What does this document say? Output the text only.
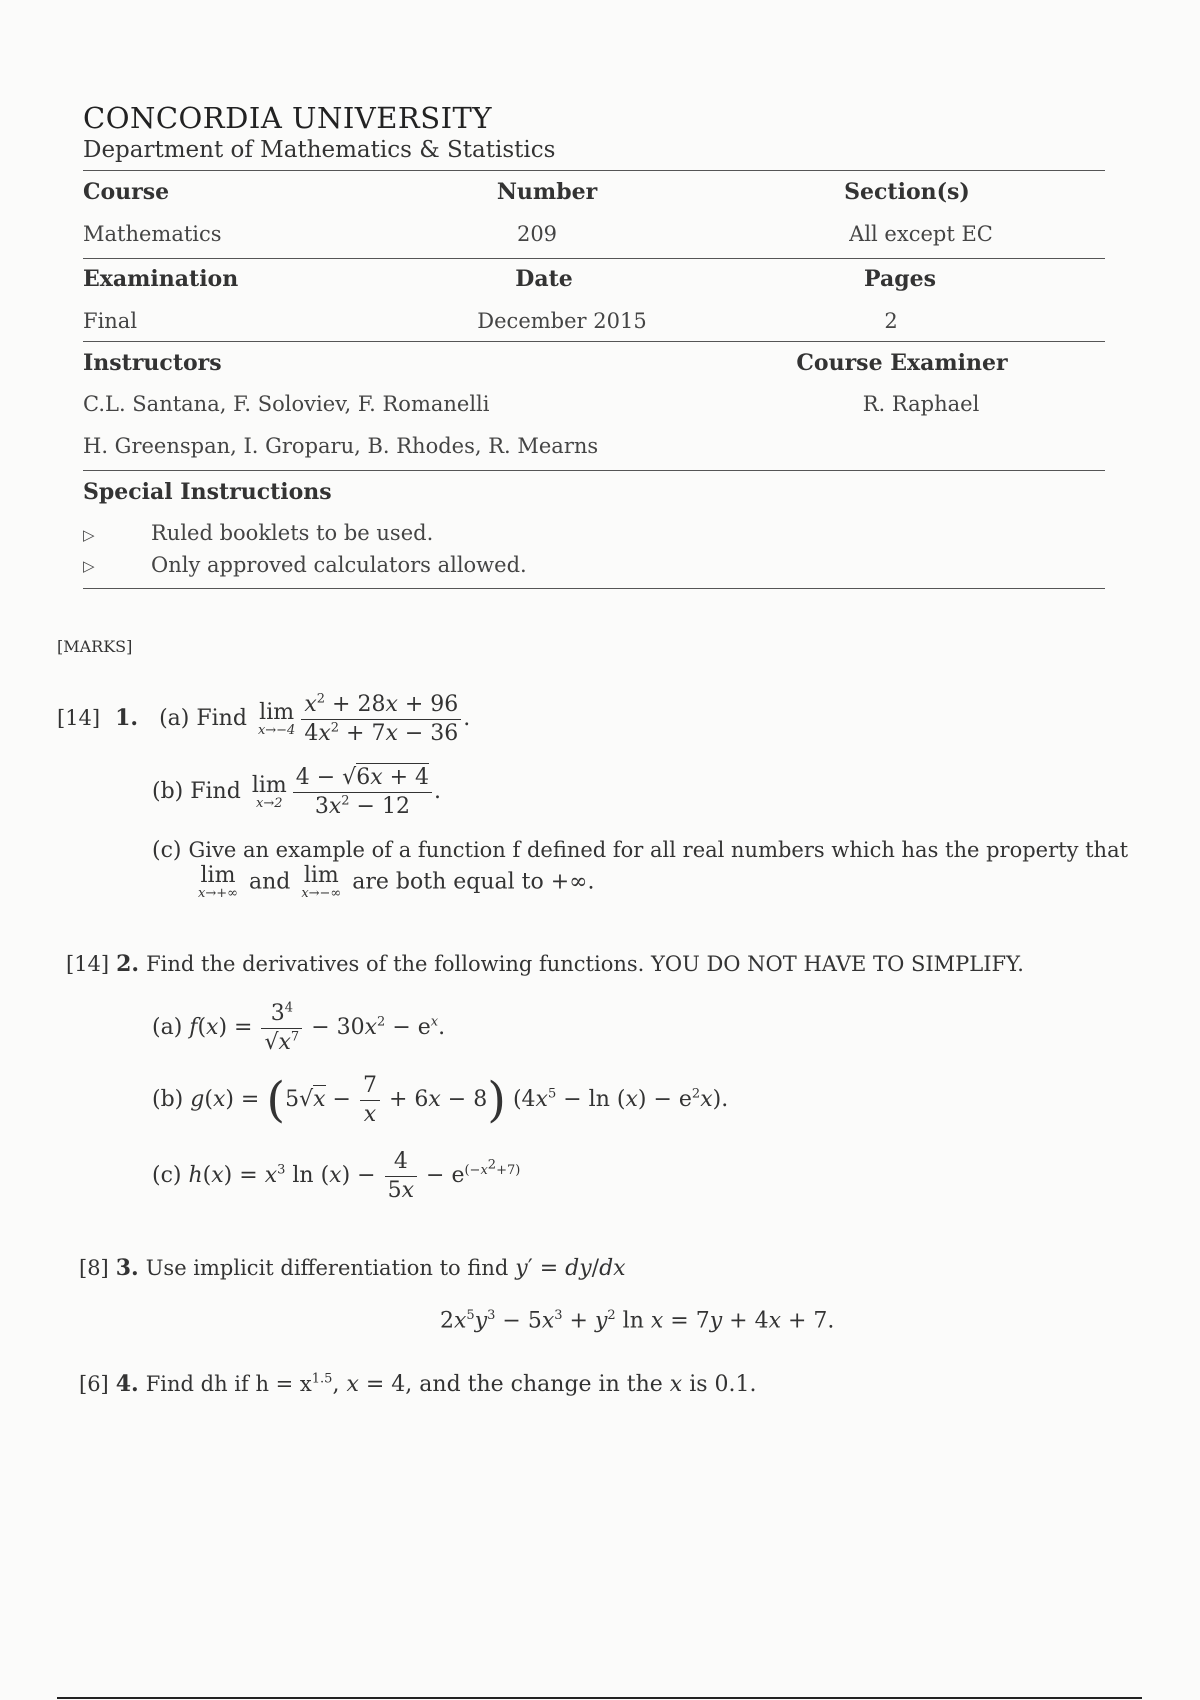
CONCORDIA UNIVERSITY
Department of Mathematics & Statistics
Course	Number	Section(s)
Mathematics	209	All except EC
Examination	Date	Pages
Final	December 2015	2
Instructors	Course Examiner
C.L. Santana, F. Soloviev, F. Romanelli	R. Raphael
H. Greenspan, I. Groparu, B. Rhodes, R. Mearns
Special Instructions
▷	Ruled booklets to be used.
▷	Only approved calculators allowed.
[MARKS]
[14] 1. (a) Find lim
$x\to-4 \frac{x^2 + 28x + 96}{4x^2 + 7x - 36}$ .
(b) Find lim
$x\to 2 \frac{4 - √6x + 4}{3x^2 - 12}$ .
(c) Give an example of a function f defined for all real numbers which has the property that
lim
x→+∞ and lim
x→−∞ are both equal to +∞.
[14] 2. Find the derivatives of the following functions. YOU DO NOT HAVE TO SIMPLIFY.
(a) $f(x) = \frac{3^4}{√x^7} - 30x^2 - e^x$.
(b) $g(x) = (5√x - \frac{7}{x} + 6x - 8)$ $(4x^5 - \ln (x) - e^2x)$.
(c) $h(x) = x^3$ $\ln (x) - \frac{4}{5x} - e^{(-x^2+7)}$
[8] 3. Use implicit differentiation to find y′ = dy/dx
$2x^5y^3 - 5x^3 + y^2$ ln x = 7y + 4x + 7.
[6] 4. Find dh if $h = x^{1.5}$, x = 4, and the change in the x is 0.1.
